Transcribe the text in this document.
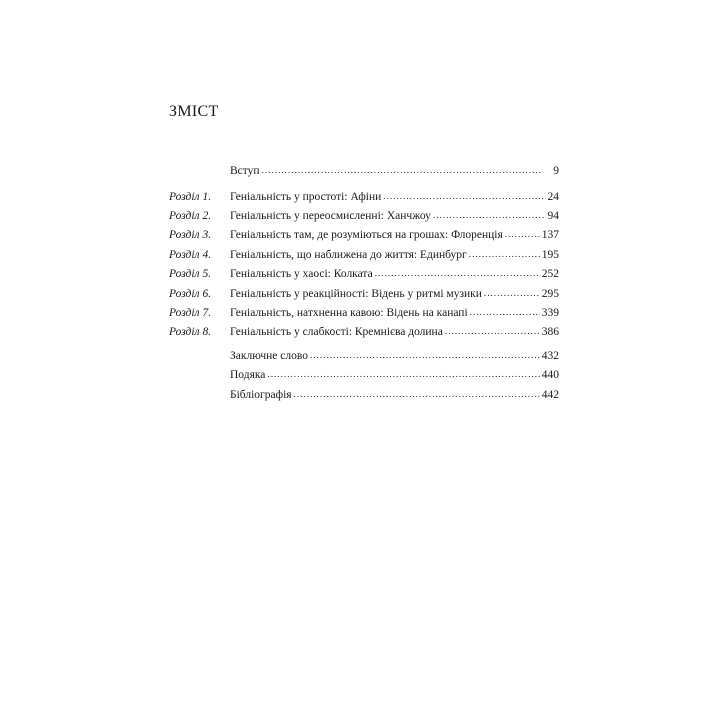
ЗМІСТ
Вступ . . .	9
Розділ 1. Геніальність у простоті: Афіни . . .	24
Розділ 2. Геніальність у переосмисленні: Ханчжоу . . .	94
Розділ 3. Геніальність там, де розуміються на грошах: Флоренція . . .	137
Розділ 4. Геніальність, що наближена до життя: Единбург . . .	195
Розділ 5. Геніальність у хаосі: Колката . . .	252
Розділ 6. Геніальність у реакційності: Відень у ритмі музики . . .	295
Розділ 7. Геніальність, натхненна кавою: Відень на канапі . . .	339
Розділ 8. Геніальність у слабкості: Кремнієва долина . . .	386
Заключне слово . . .	432
Подяка . . .	440
Бібліографія . . .	442
